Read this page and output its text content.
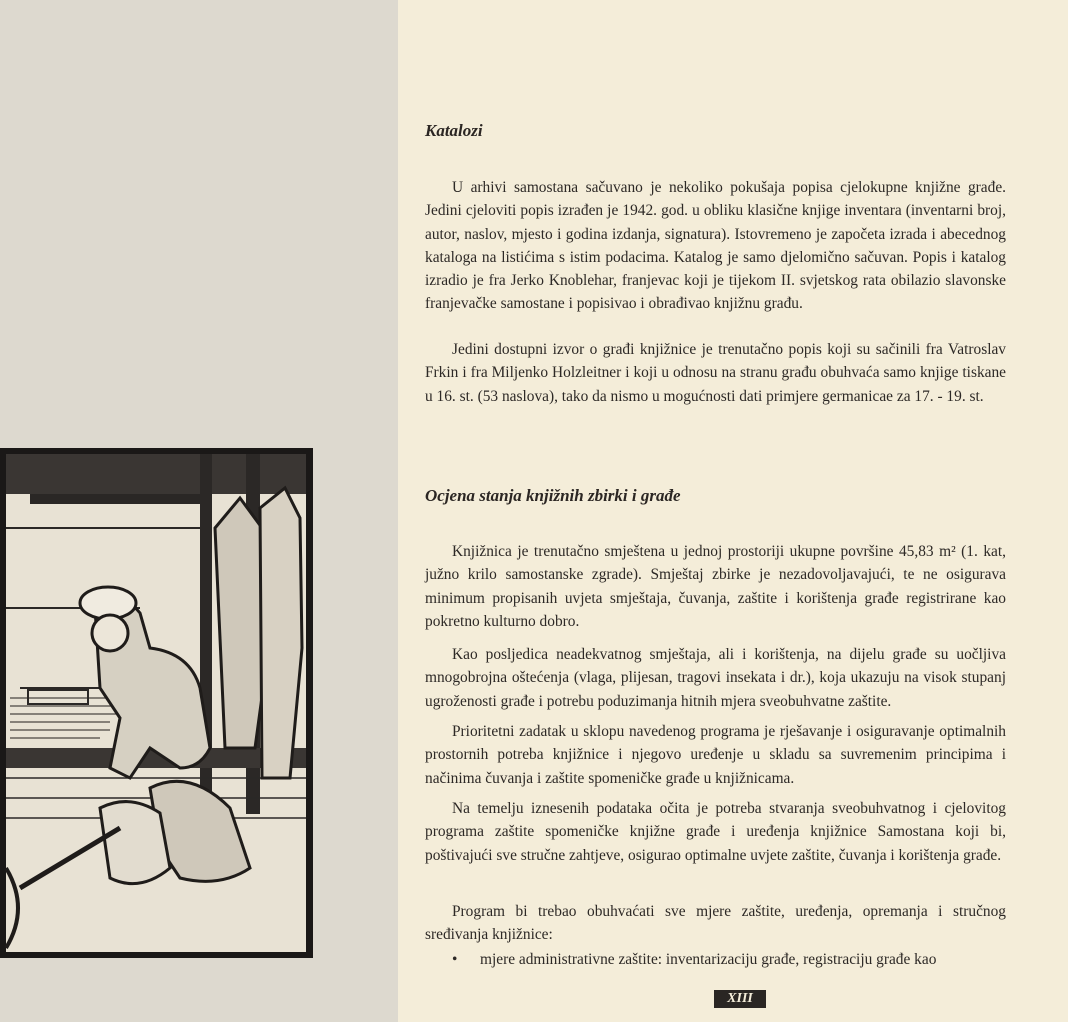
Katalozi

U arhivi samostana sačuvano je nekoliko pokušaja popisa cjelokupne knjižne građe. Jedini cjeloviti popis izrađen je 1942. god. u obliku klasične knjige inventara (inventarni broj, autor, naslov, mjesto i godina izdanja, signatura). Istovremeno je započeta izrada i abecednog kataloga na listićima s istim podacima. Katalog je samo djelomično sačuvan. Popis i katalog izradio je fra Jerko Knoblehar, franjevac koji je tijekom II. svjetskog rata obilazio slavonske franjevačke samostane i popisivao i obrađivao knjižnu građu.

Jedini dostupni izvor o građi knjižnice je trenutačno popis koji su sačinili fra Vatroslav Frkin i fra Miljenko Holzleitner i koji u odnosu na stranu građu obuhvaća samo knjige tiskane u 16. st. (53 naslova), tako da nismo u mogućnosti dati primjere germanicae za 17. - 19. st.

Ocjena stanja knjižnih zbirki i građe

Knjižnica je trenutačno smještena u jednoj prostoriji ukupne površine 45,83 m² (1. kat, južno krilo samostanske zgrade). Smještaj zbirke je nezadovoljavajući, te ne osigurava minimum propisanih uvjeta smještaja, čuvanja, zaštite i korištenja građe registrirane kao pokretno kulturno dobro.

Kao posljedica neadekvatnog smještaja, ali i korištenja, na dijelu građe su uočljiva mnogobrojna oštećenja (vlaga, plijesan, tragovi insekata i dr.), koja ukazuju na visok stupanj ugroženosti građe i potrebu poduzimanja hitnih mjera sveobuhvatne zaštite.

Prioritetni zadatak u sklopu navedenog programa je rješavanje i osiguravanje optimalnih prostornih potreba knjižnice i njegovo uređenje u skladu sa suvremenim principima i načinima čuvanja i zaštite spomeničke građe u knjižnicama.

Na temelju iznesenih podataka očita je potreba stvaranja sveobuhvatnog i cjelovitog programa zaštite spomeničke knjižne građe i uređenja knjižnice Samostana koji bi, poštivajući sve stručne zahtjeve, osigurao optimalne uvjete zaštite, čuvanja i korištenja građe.

Program bi trebao obuhvaćati sve mjere zaštite, uređenja, opremanja i stručnog sređivanja knjižnice:

• mjere administrativne zaštite: inventarizaciju građe, registraciju građe kao

XIII
